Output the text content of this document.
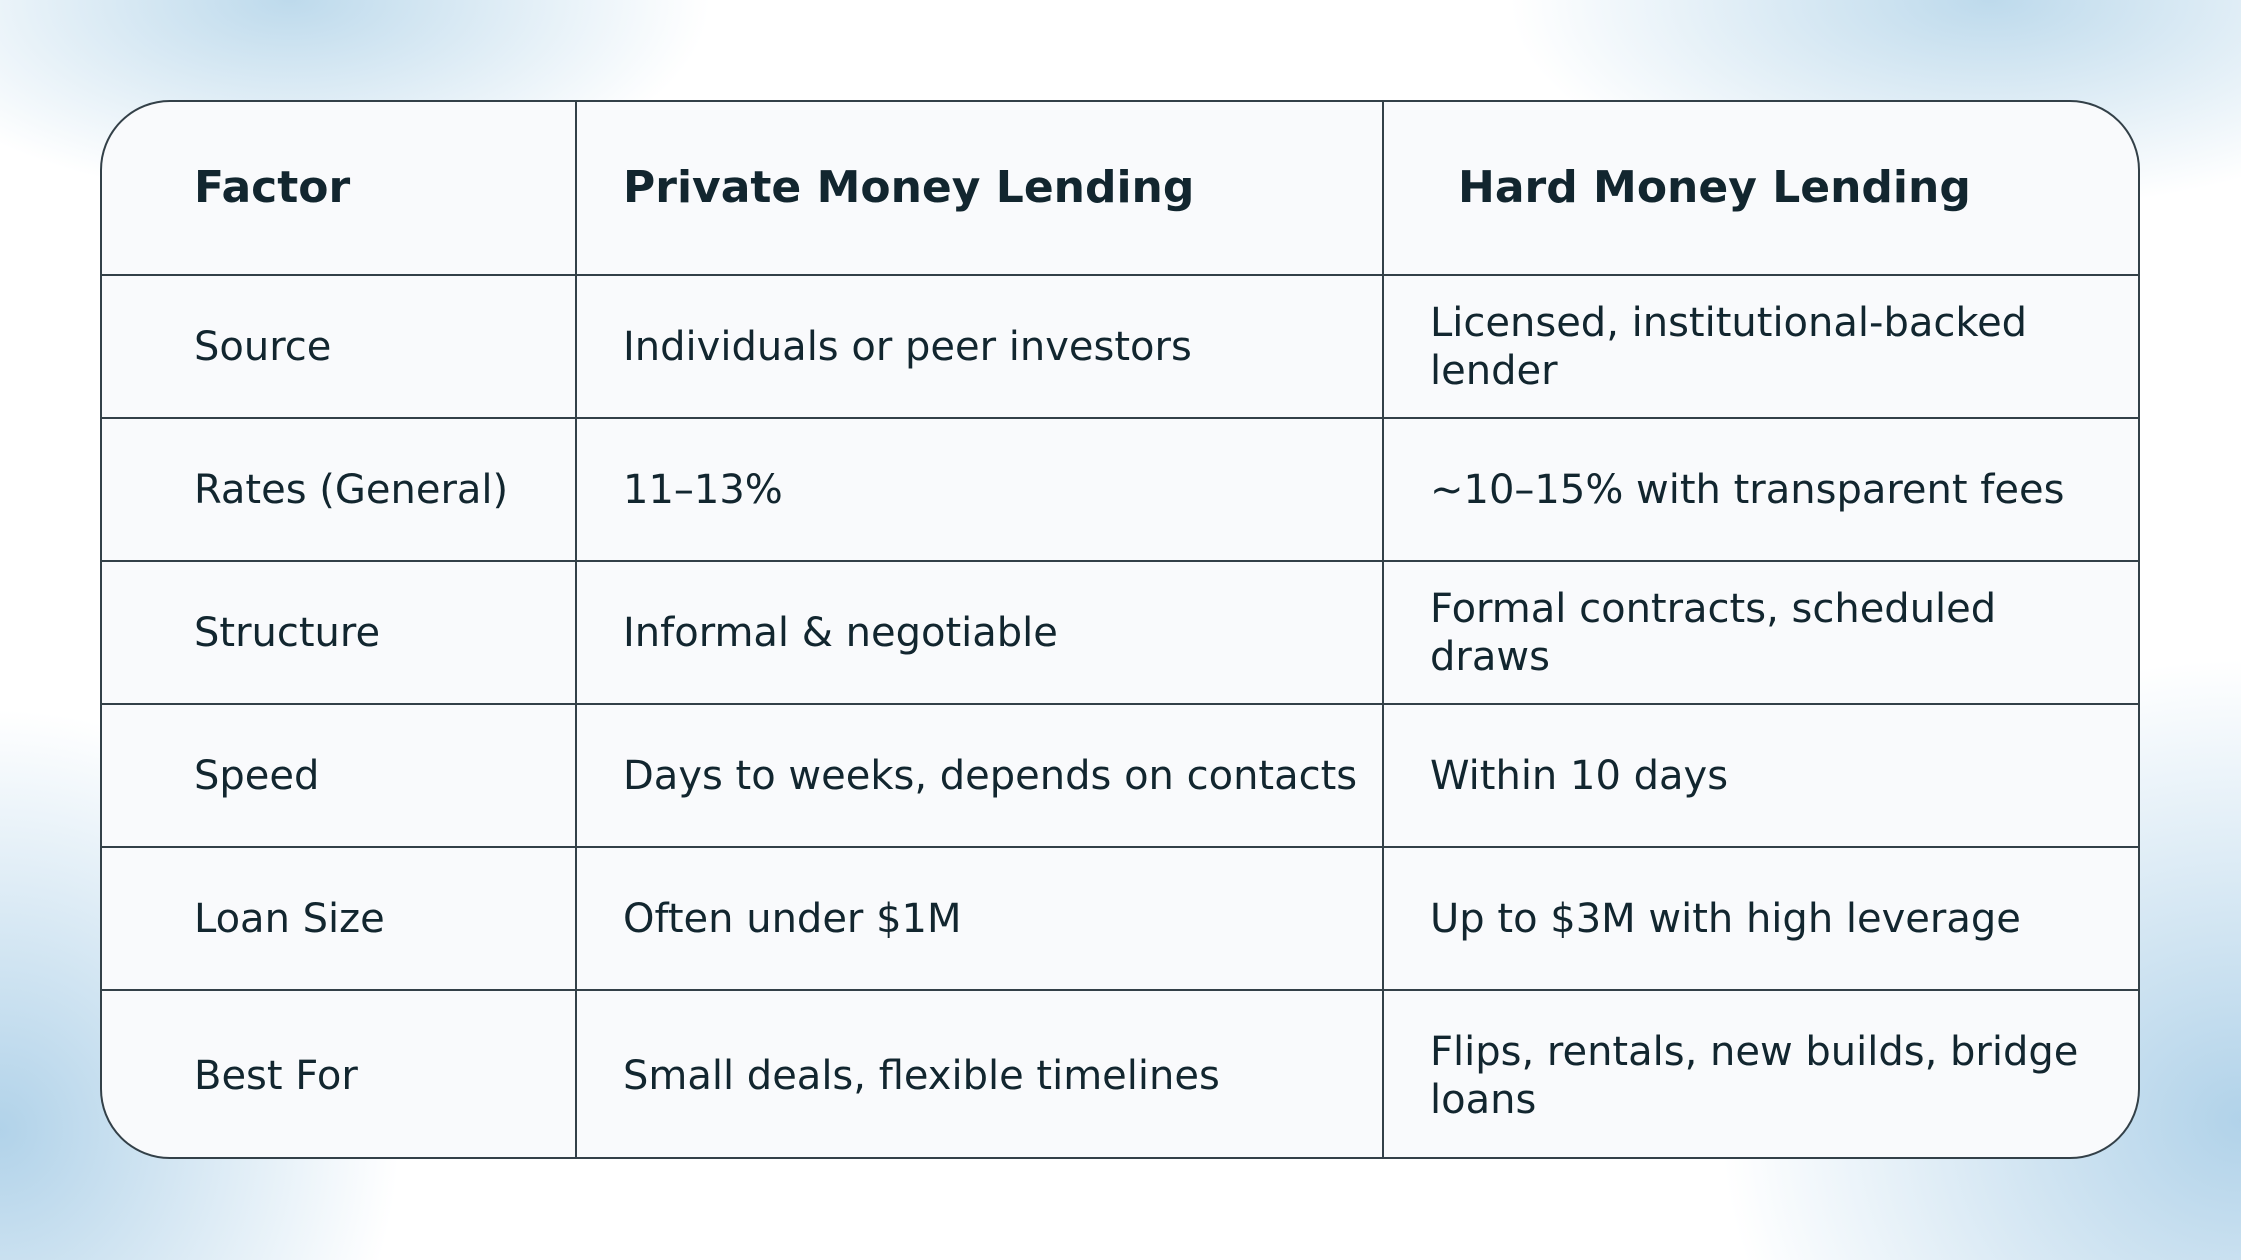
Factor	Private Money Lending	Hard Money Lending
Source	Individuals or peer investors	Licensed, institutional-backed lender
Rates (General)	11–13%	~10–15% with transparent fees
Structure	Informal & negotiable	Formal contracts, scheduled draws
Speed	Days to weeks, depends on contacts	Within 10 days
Loan Size	Often under $1M	Up to $3M with high leverage
Best For	Small deals, flexible timelines	Flips, rentals, new builds, bridge loans
